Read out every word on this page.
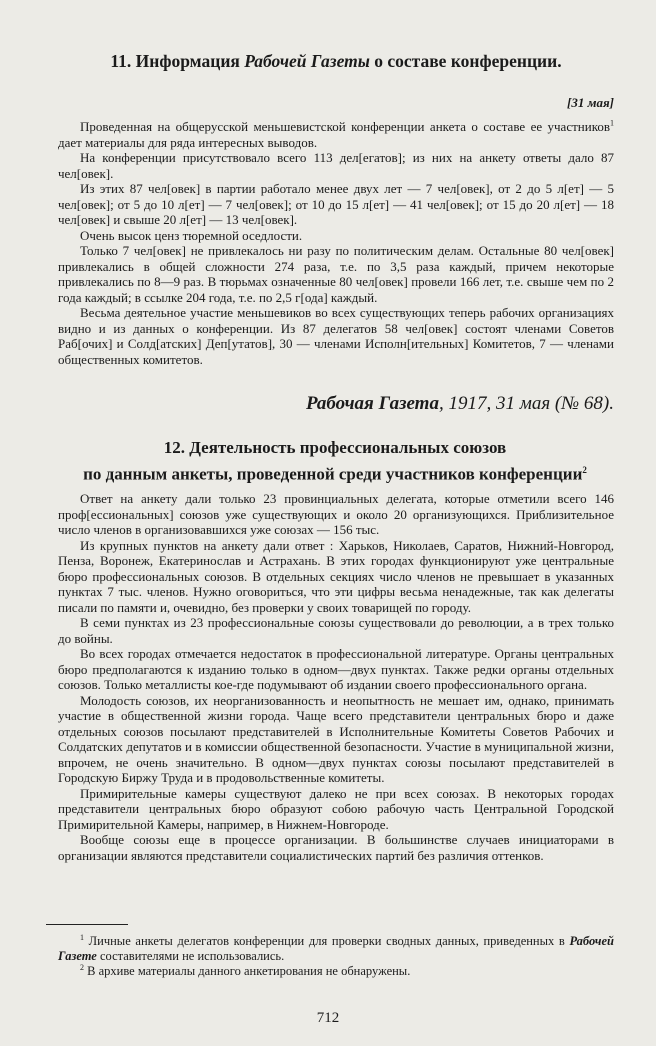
11. Информация Рабочей Газеты о составе конференции.
[31 мая]

Проведенная на общерусской меньшевистской конференции анкета о составе ее участников$^1$ дает материалы для ряда интересных выводов.

На конференции присутствовало всего 113 дел[егатов]; из них на анкету ответы дало 87 чел[овек].

Из этих 87 чел[овек] в партии работало менее двух лет — 7 чел[овек], от 2 до 5 л[ет] — 5 чел[овек]; от 5 до 10 л[ет] — 7 чел[овек]; от 10 до 15 л[ет] — 41 чел[овек]; от 15 до 20 л[ет] — 18 чел[овек] и свыше 20 л[ет] — 13 чел[овек].

Очень высок ценз тюремной оседлости.

Только 7 чел[овек] не привлекалось ни разу по политическим делам. Остальные 80 чел[овек] привлекались в общей сложности 274 раза, т.е. по 3,5 раза каждый, причем некоторые привлекались по 8—9 раз. В тюрьмах означенные 80 чел[овек] провели 166 лет, т.е. свыше чем по 2 года каждый; в ссылке 204 года, т.е. по 2,5 г[ода] каждый.

Весьма деятельное участие меньшевиков во всех существующих теперь рабочих организациях видно и из данных о конференции. Из 87 делегатов 58 чел[овек] состоят членами Советов Раб[очих] и Солд[атских] Деп[утатов], 30 — членами Исполн[ительных] Комитетов, 7 — членами общественных комитетов.

Рабочая Газета, 1917, 31 мая (№ 68).

12. Деятельность профессиональных союзов
по данным анкеты, проведенной среди участников конференции$^2$

Ответ на анкету дали только 23 провинциальных делегата, которые отметили всего 146 проф[ессиональных] союзов уже существующих и около 20 организующихся. Приблизительное число членов в организовавшихся уже союзах — 156 тыс.

Из крупных пунктов на анкету дали ответ : Харьков, Николаев, Саратов, Нижний-Новгород, Пенза, Воронеж, Екатеринослав и Астрахань. В этих городах функционируют уже центральные бюро профессиональных союзов. В отдельных секциях число членов не превышает в указанных пунктах 7 тыс. членов. Нужно оговориться, что эти цифры весьма ненадежные, так как делегаты писали по памяти и, очевидно, без проверки у своих товарищей по городу.

В семи пунктах из 23 профессиональные союзы существовали до революции, а в трех только до войны.

Во всех городах отмечается недостаток в профессиональной литературе. Органы центральных бюро предполагаются к изданию только в одном—двух пунктах. Также редки органы отдельных союзов. Только металлисты кое-где подумывают об издании своего профессионального органа.

Молодость союзов, их неорганизованность и неопытность не мешает им, однако, принимать участие в общественной жизни города. Чаще всего представители центральных бюро и даже отдельных союзов посылают представителей в Исполнительные Комитеты Советов Рабочих и Солдатских депутатов и в комиссии общественной безопасности. Участие в муниципальной жизни, впрочем, не очень значительно. В одном—двух пунктах союзы посылают представителей в Городскую Биржу Труда и в продовольственные комитеты.

Примирительные камеры существуют далеко не при всех союзах. В некоторых городах представители центральных бюро образуют собою рабочую часть Центральной Городской Примирительной Камеры, например, в Нижнем-Новгороде.

Вообще союзы еще в процессе организации. В большинстве случаев инициаторами в организации являются представители социалистических партий без различия оттенков.

$^1$ Личные анкеты делегатов конференции для проверки сводных данных, приведенных в Рабочей Газете составителями не использовались.

$^2$ В архиве материалы данного анкетирования не обнаружены.

712
